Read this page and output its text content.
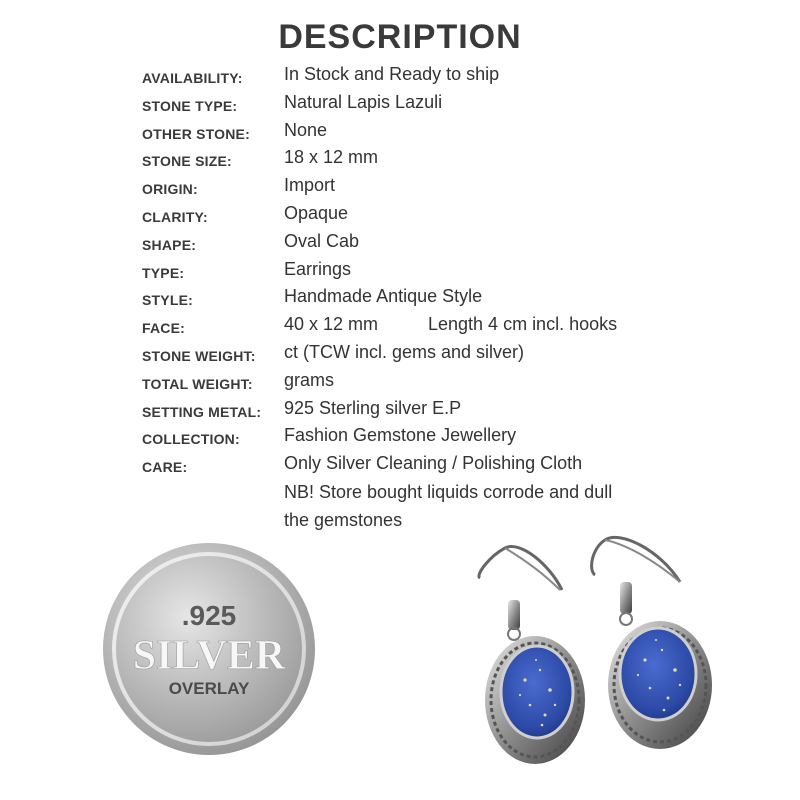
DESCRIPTION
AVAILABILITY: In Stock and Ready to ship
STONE TYPE:	Natural Lapis Lazuli
OTHER STONE: None
STONE SIZE:	18 x 12 mm
ORIGIN:	Import
CLARITY:	Opaque
SHAPE:	Oval Cab
TYPE:	Earrings
STYLE:	Handmade Antique Style
FACE:	40 x 12 mm	Length 4 cm incl. hooks
STONE WEIGHT: ct (TCW incl. gems and silver)
TOTAL WEIGHT: grams
SETTING METAL: 925 Sterling silver E.P
COLLECTION: Fashion Gemstone Jewellery
CARE:	Only Silver Cleaning / Polishing Cloth
NB! Store bought liquids corrode and dull
the gemstones
.925
SILVER
OVERLAY
